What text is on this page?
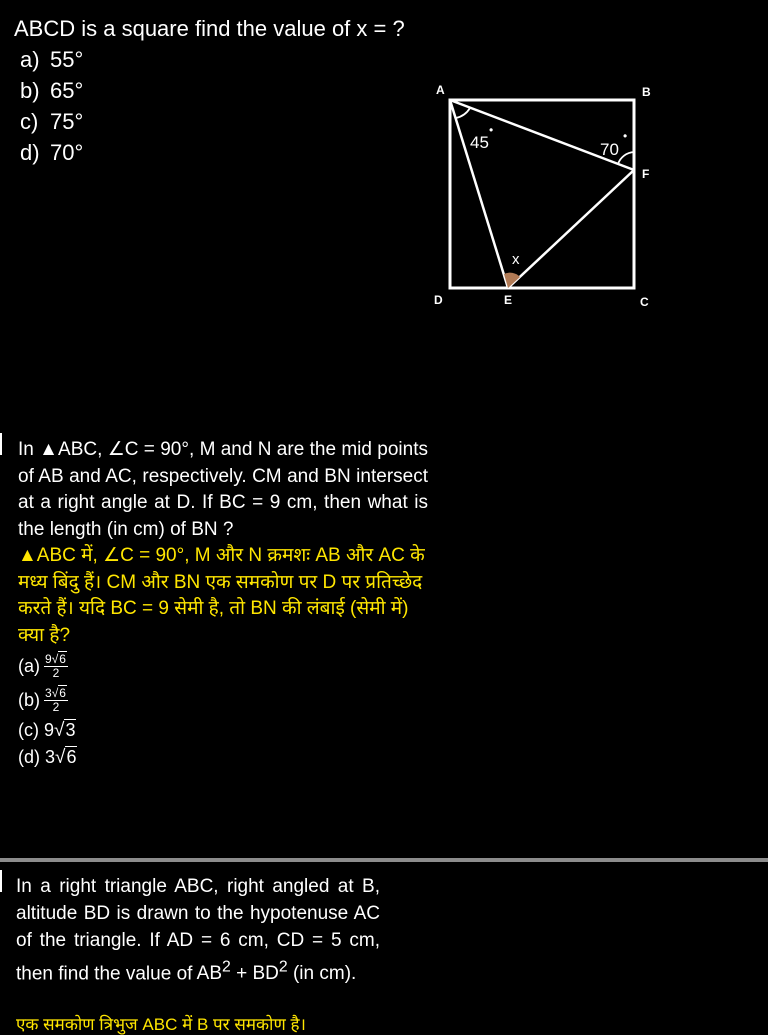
ABCD is a square find the value of x = ?
a) 55°
b) 65°
c) 75°
d) 70°	45
•
70
•
x
A	B
F
D	E	C
In ▲ABC, ∠C = 90°, M and N are the mid points of AB and AC, respectively. CM and BN intersect at a right angle at D. If BC = 9 cm, then what is the length (in cm) of BN ?
▲ABC में, ∠C = 90°, M और N क्रमशः AB और AC के मध्य बिंदु हैं। CM और BN एक समकोण पर D पर प्रतिच्छेद करते हैं। यदि BC = 9 सेमी है, तो BN की लंबाई (सेमी में) क्या है?
$(a) \frac{9√6}{2}$
$(b) \frac{3√6}{2}$
(c) 9√3
(d) 3√6
In a right triangle ABC, right angled at B, altitude BD is drawn to the hypotenuse AC of the triangle. If AD = 6 cm, CD = 5 cm, then find the value of $AB^2 + BD^2$ (in cm).
एक समकोण त्रिभुज ABC में B पर समकोण है।
